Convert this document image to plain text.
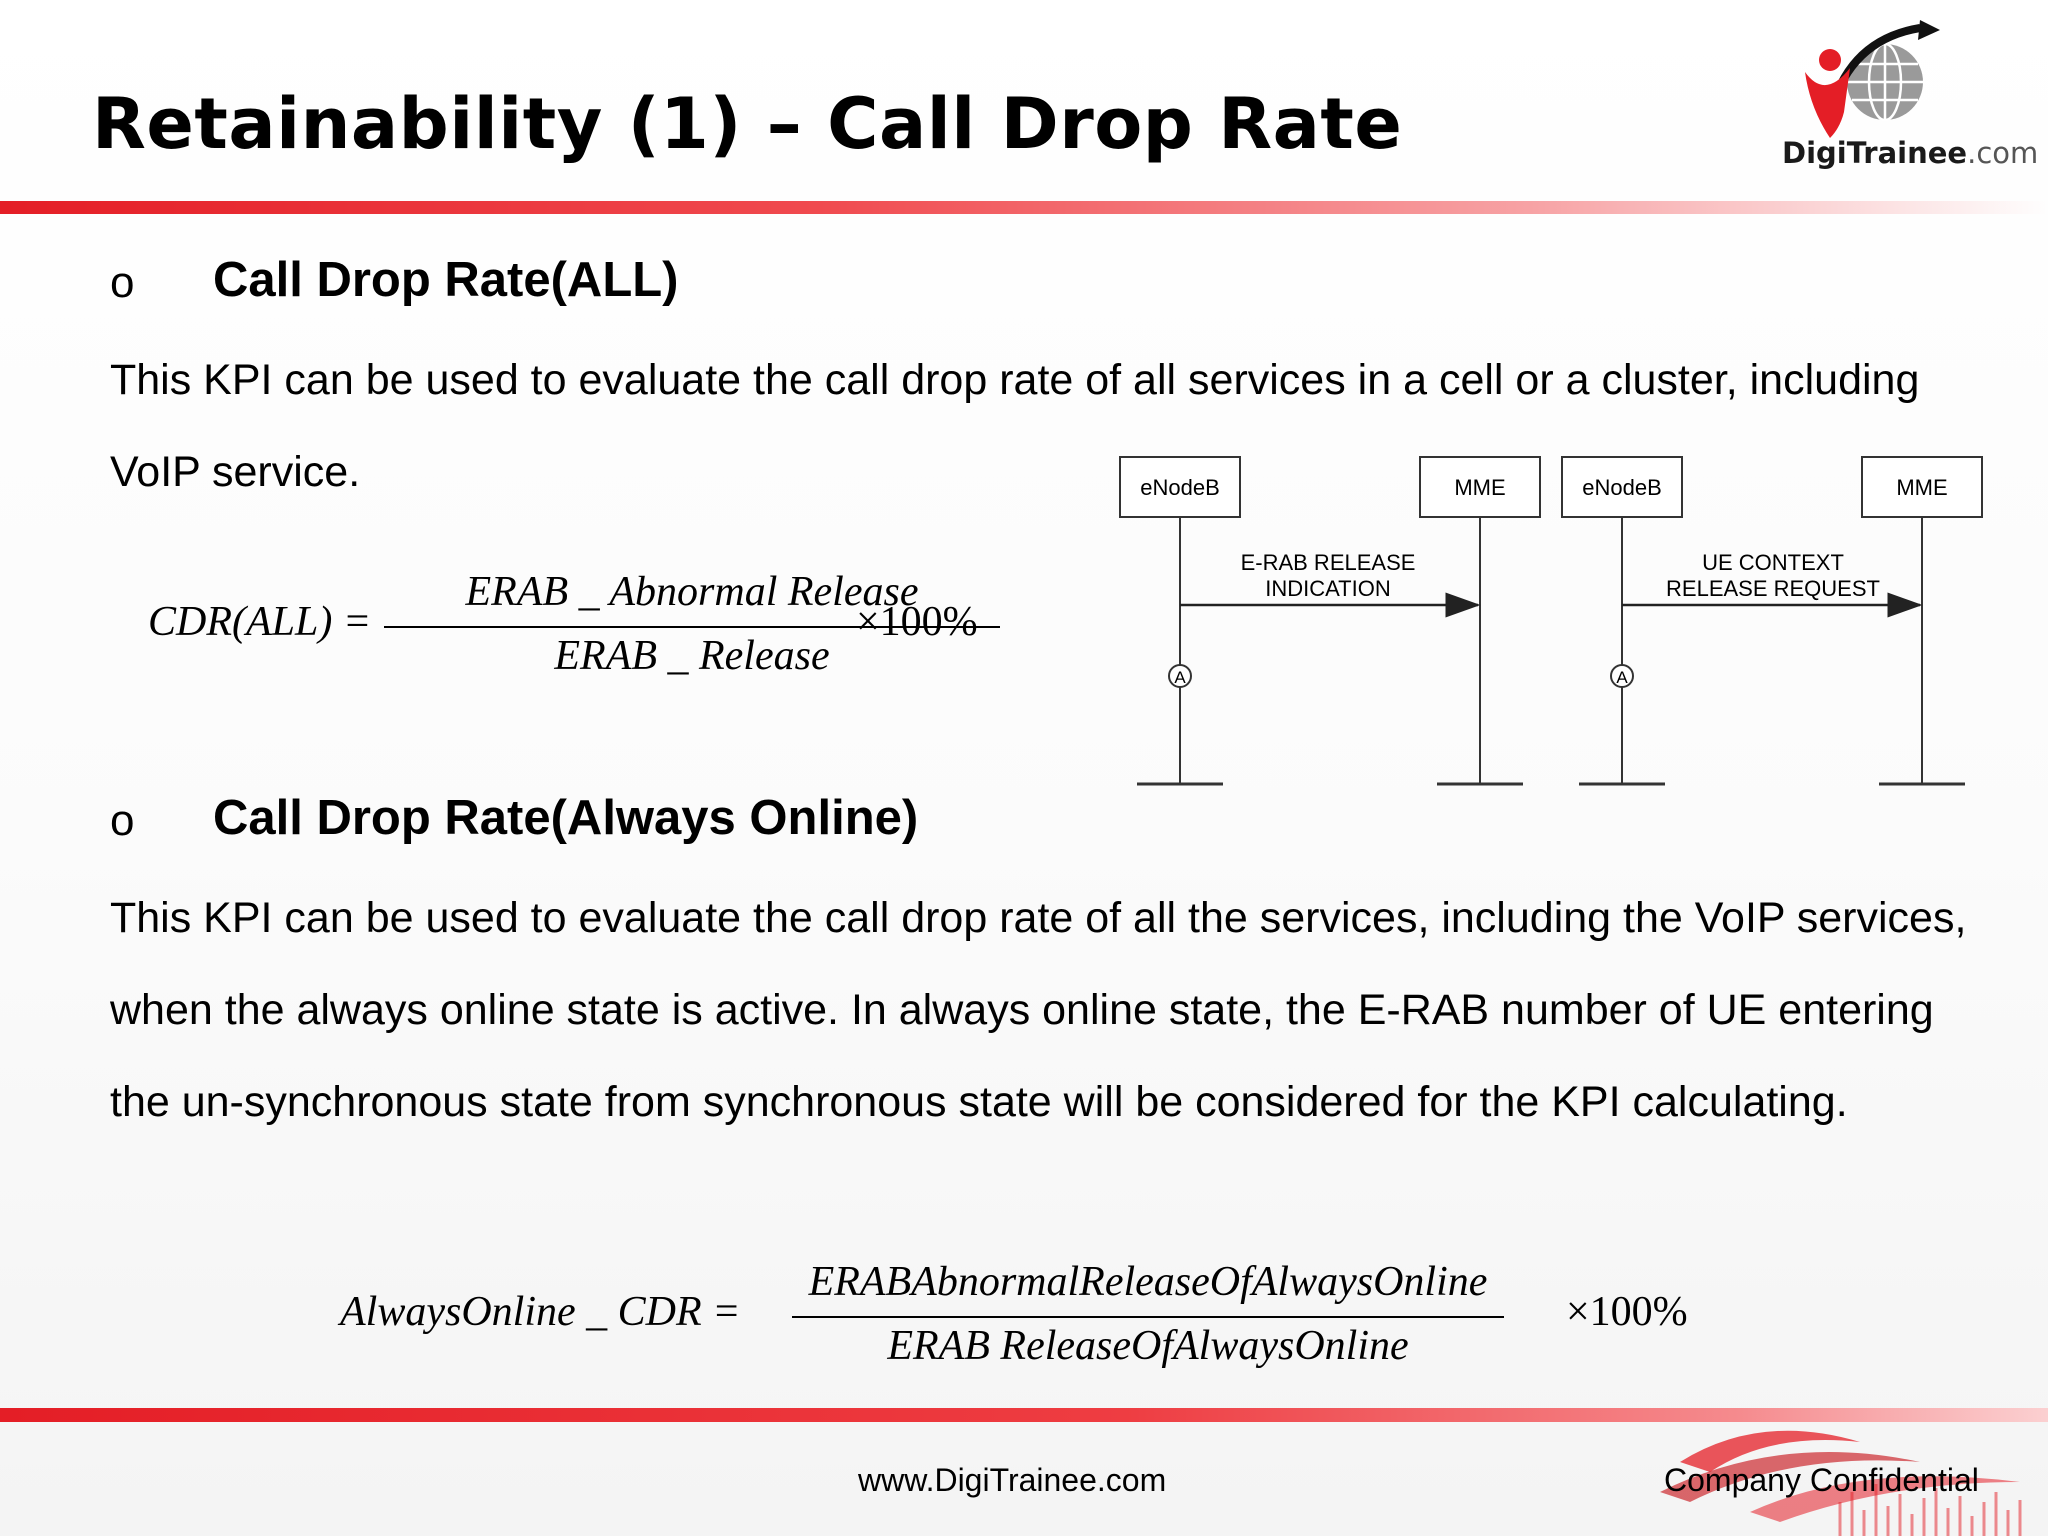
Retainability (1) – Call Drop Rate	DigiTrainee.com
o Call Drop Rate(ALL)
This KPI can be used to evaluate the call drop rate of all services in a cell or a cluster, including VoIP service.
CDR(ALL) =
ERAB _ Abnormal Release
ERAB _ Release
×100%
eNodeB	MME
E-RAB RELEASE
INDICATION
A
eNodeB	MME
UE CONTEXT
RELEASE REQUEST
A
o Call Drop Rate(Always Online)
This KPI can be used to evaluate the call drop rate of all the services, including the VoIP services, when the always online state is active. In always online state, the E-RAB number of UE entering the un-synchronous state from synchronous state will be considered for the KPI calculating.
AlwaysOnline _ CDR =
ERABAbnormalReleaseOfAlwaysOnline
ERAB ReleaseOfAlwaysOnline
×100%
www.DigiTrainee.com	Company Confidential
